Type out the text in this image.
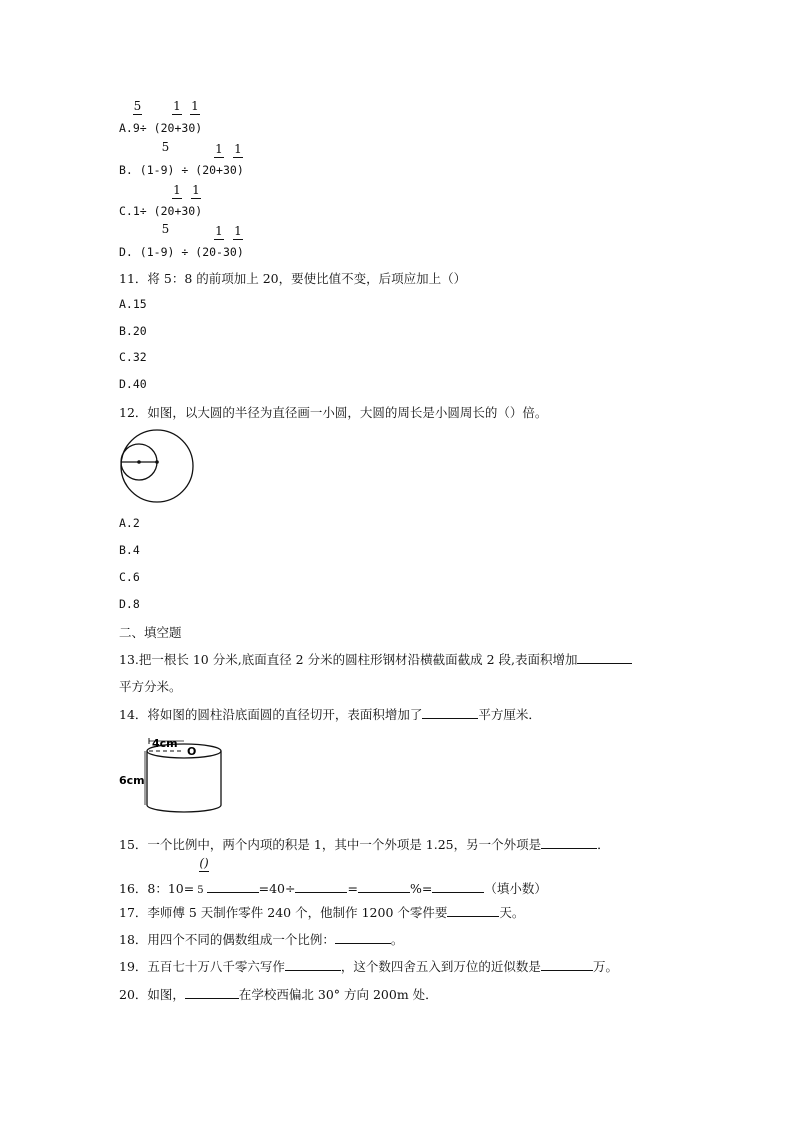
5	1 1
A.9÷ (20+30)
5	1 1
B. (1-9) ÷ (20+30)
1 1
C.1÷ (20+30)
5	1 1
D. (1-9) ÷ (20-30)
11．将 5：8 的前项加上 20，要使比值不变，后项应加上（）
A.15
B.20
C.32
D.40
12．如图，以大圆的半径为直径画一小圆，大圆的周长是小圆周长的（）倍。
A.2
B.4
C.6
D.8
二、填空题
13.把一根长 10 分米,底面直径 2 分米的圆柱形钢材沿横截面截成 2 段,表面积增加
平方分米。
14．将如图的圆柱沿底面圆的直径切开，表面积增加了	平方厘米．
4cm
O
6cm
15．一个比例中，两个内项的积是 1，其中一个外项是 1.25，另一个外项是	．
()
16．8：10= 5	=40÷	=	%=	（填小数）
17．李师傅 5 天制作零件 240 个，他制作 1200 个零件要	天。
18．用四个不同的偶数组成一个比例：	。
19．五百七十万八千零六写作	，这个数四舍五入到万位的近似数是	万。
20．如图，	在学校西偏北 30° 方向 200m 处．
